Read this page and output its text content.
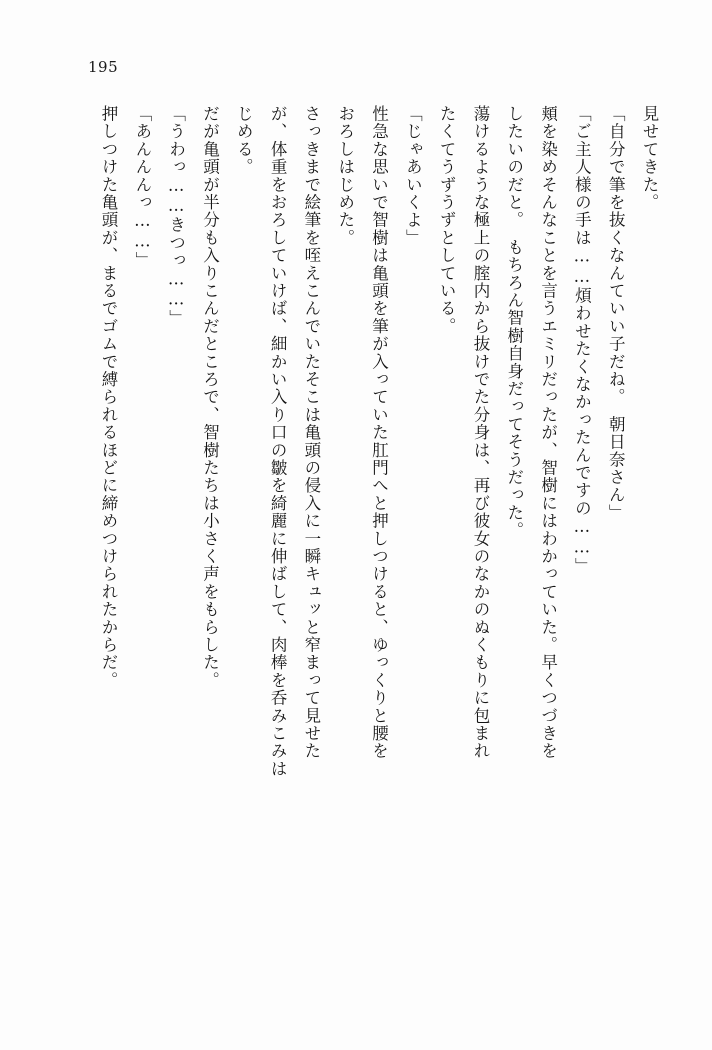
195

見せてきた。

「自分で筆を抜くなんていい子だね。　朝日奈さん」

「ご主人様の手は……煩わせたくなかったんですの……」

頬を染めそんなことを言うエミリだったが、智樹にはわかっていた。早くつづきを

したいのだと。　もちろん智樹自身だってそうだった。

蕩けるような極上の腟内から抜けでた分身は、再び彼女のなかのぬくもりに包まれ

たくてうずうずとしている。

「じゃあいくよ」

性急な思いで智樹は亀頭を筆が入っていた肛門へと押しつけると、ゆっくりと腰を

おろしはじめた。

さっきまで絵筆を咥えこんでいたそこは亀頭の侵入に一瞬キュッと窄まって見せた

が、体重をおろしていけば、細かい入り口の皺を綺麗に伸ばして、肉棒を呑みこみは

じめる。

だが亀頭が半分も入りこんだところで、智樹たちは小さく声をもらした。

「うわっ……きつっ……」

「あんんんっ……」

押しつけた亀頭が、まるでゴムで縛られるほどに締めつけられたからだ。
